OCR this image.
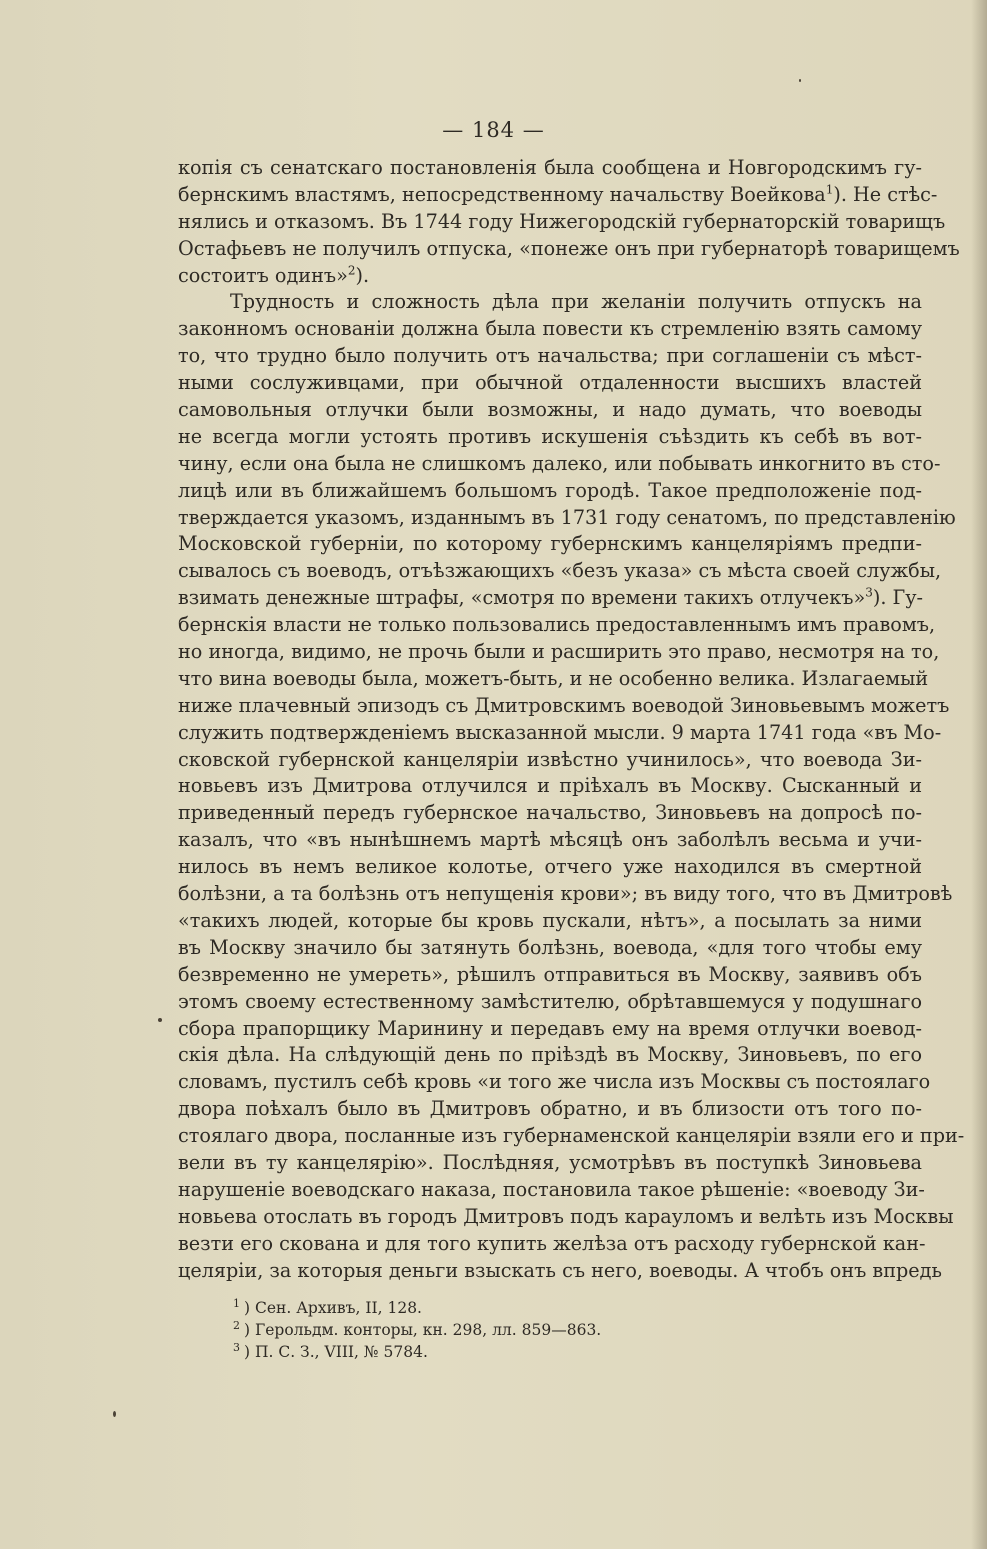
— 184 —
копія съ сенатскаго постановленія была сообщена и Новгородскимъ гу-
бернскимъ властямъ, непосредственному начальству Воейкова$^1$). Не стѣс-
нялись и отказомъ. Въ 1744 году Нижегородскій губернаторскій товарищъ
Остафьевъ не получилъ отпуска, «понеже онъ при губернаторѣ товарищемъ
состоитъ одинъ»$^2$).
Трудность и сложность дѣла при желаніи получить отпускъ на
законномъ основаніи должна была повести къ стремленію взять самому
то, что трудно было получить отъ начальства; при соглашеніи съ мѣст-
ными сослуживцами, при обычной отдаленности высшихъ властей
самовольныя отлучки были возможны, и надо думать, что воеводы
не всегда могли устоять противъ искушенія съѣздить къ себѣ въ вот-
чину, если она была не слишкомъ далеко, или побывать инкогнито въ сто-
лицѣ или въ ближайшемъ большомъ городѣ. Такое предположеніе под-
тверждается указомъ, изданнымъ въ 1731 году сенатомъ, по представленію
Московской губерніи, по которому губернскимъ канцеляріямъ предпи-
сывалось съ воеводъ, отъѣзжающихъ «безъ указа» съ мѣста своей службы,
взимать денежные штрафы, «смотря по времени такихъ отлучекъ»$^3$). Гу-
бернскія власти не только пользовались предоставленнымъ имъ правомъ,
но иногда, видимо, не прочь были и расширить это право, несмотря на то,
что вина воеводы была, можетъ-быть, и не особенно велика. Излагаемый
ниже плачевный эпизодъ съ Дмитровскимъ воеводой Зиновьевымъ можетъ
служить подтвержденіемъ высказанной мысли. 9 марта 1741 года «въ Мо-
сковской губернской канцеляріи извѣстно учинилось», что воевода Зи-
новьевъ изъ Дмитрова отлучился и пріѣхалъ въ Москву. Сысканный и
приведенный передъ губернское начальство, Зиновьевъ на допросѣ по-
казалъ, что «въ нынѣшнемъ мартѣ мѣсяцѣ онъ заболѣлъ весьма и учи-
нилось въ немъ великое колотье, отчего уже находился въ смертной
болѣзни, а та болѣзнь отъ непущенія крови»; въ виду того, что въ Дмитровѣ
«такихъ людей, которые бы кровь пускали, нѣтъ», а посылать за ними
въ Москву значило бы затянуть болѣзнь, воевода, «для того чтобы ему
безвременно не умереть», рѣшилъ отправиться въ Москву, заявивъ объ
этомъ своему естественному замѣстителю, обрѣтавшемуся у подушнаго
сбора прапорщику Маринину и передавъ ему на время отлучки воевод-
скія дѣла. На слѣдующій день по пріѣздѣ въ Москву, Зиновьевъ, по его
словамъ, пустилъ себѣ кровь «и того же числа изъ Москвы съ постоялаго
двора поѣхалъ было въ Дмитровъ обратно, и въ близости отъ того по-
стоялаго двора, посланные изъ губернаменской канцеляріи взяли его и при-
вели въ ту канцелярію». Послѣдняя, усмотрѣвъ въ поступкѣ Зиновьева
нарушеніе воеводскаго наказа, постановила такое рѣшеніе: «воеводу Зи-
новьева отослать въ городъ Дмитровъ подъ карауломъ и велѣть изъ Москвы
везти его скована и для того купить желѣза отъ расходу губернской кан-
целяріи, за которыя деньги взыскать съ него, воеводы. А чтобъ онъ впредь
$^1$ ) Сен. Архивъ, II, 128.
$^2$ ) Герольдм. конторы, кн. 298, лл. 859—863.
$^3$ ) П. С. З., VIII, № 5784.
